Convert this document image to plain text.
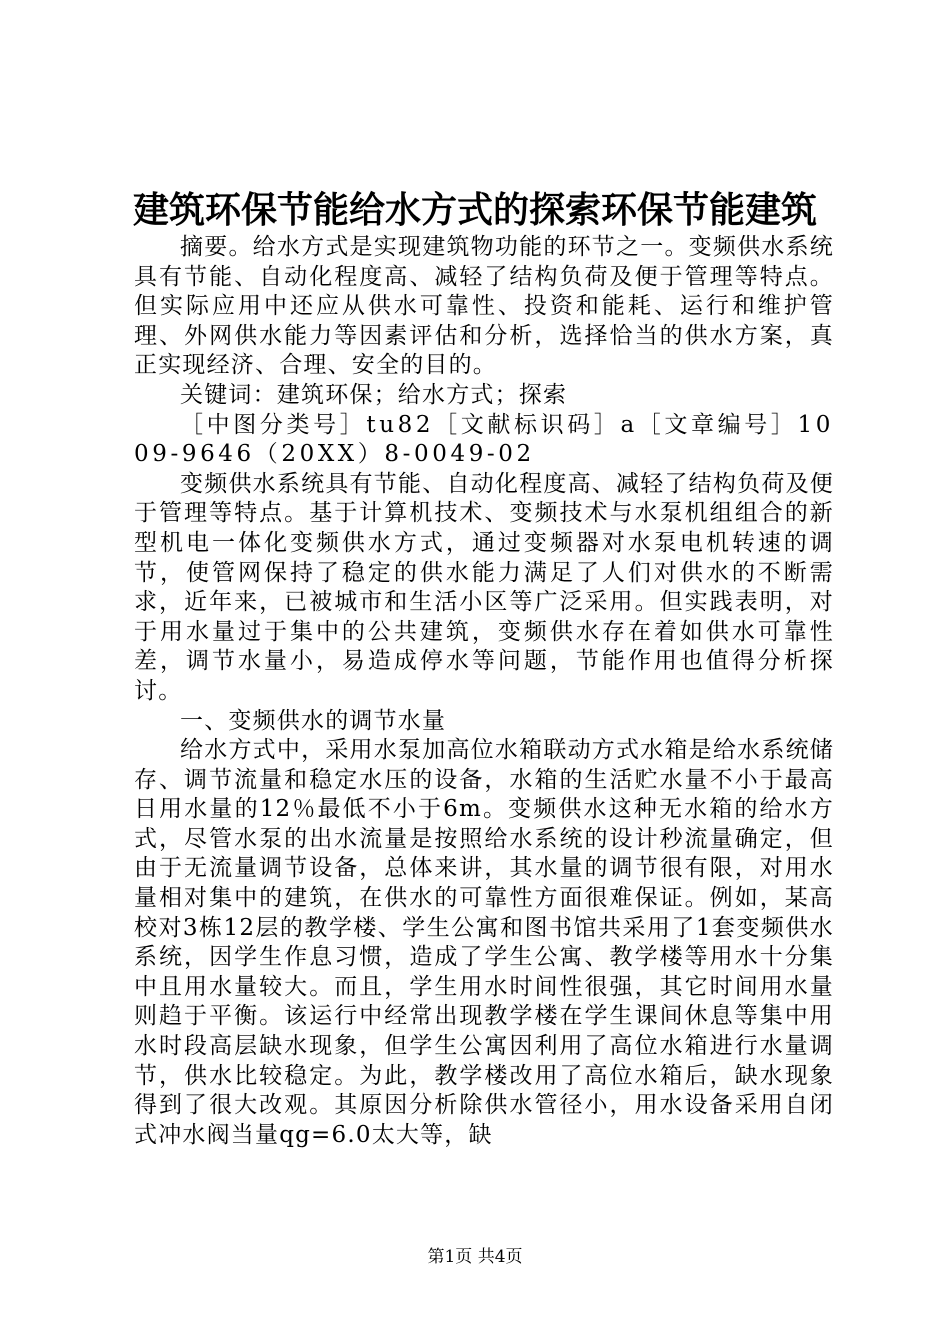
建筑环保节能给水方式的探索环保节能建筑

摘要。给水方式是实现建筑物功能的环节之一。变频供水系统具有节能、自动化程度高、减轻了结构负荷及便于管理等特点。但实际应用中还应从供水可靠性、投资和能耗、运行和维护管理、外网供水能力等因素评估和分析，选择恰当的供水方案，真正实现经济、合理、安全的目的。

关键词：建筑环保；给水方式；探索

［中图分类号］tu82［文献标识码］a［文章编号］1009-9646（20XX）8-0049-02

变频供水系统具有节能、自动化程度高、减轻了结构负荷及便于管理等特点。基于计算机技术、变频技术与水泵机组组合的新型机电一体化变频供水方式，通过变频器对水泵电机转速的调节，使管网保持了稳定的供水能力满足了人们对供水的不断需求，近年来，已被城市和生活小区等广泛采用。但实践表明，对于用水量过于集中的公共建筑，变频供水存在着如供水可靠性差，调节水量小，易造成停水等问题，节能作用也值得分析探讨。

一、变频供水的调节水量

给水方式中，采用水泵加高位水箱联动方式水箱是给水系统储存、调节流量和稳定水压的设备，水箱的生活贮水量不小于最高日用水量的12％最低不小于6m。变频供水这种无水箱的给水方式，尽管水泵的出水流量是按照给水系统的设计秒流量确定，但由于无流量调节设备，总体来讲，其水量的调节很有限，对用水量相对集中的建筑，在供水的可靠性方面很难保证。例如，某高校对3栋12层的教学楼、学生公寓和图书馆共采用了1套变频供水系统，因学生作息习惯，造成了学生公寓、教学楼等用水十分集中且用水量较大。而且，学生用水时间性很强，其它时间用水量则趋于平衡。该运行中经常出现教学楼在学生课间休息等集中用水时段高层缺水现象，但学生公寓因利用了高位水箱进行水量调节，供水比较稳定。为此，教学楼改用了高位水箱后，缺水现象得到了很大改观。其原因分析除供水管径小，用水设备采用自闭式冲水阀当量qg=6.0太大等，缺

第1页 共4页
